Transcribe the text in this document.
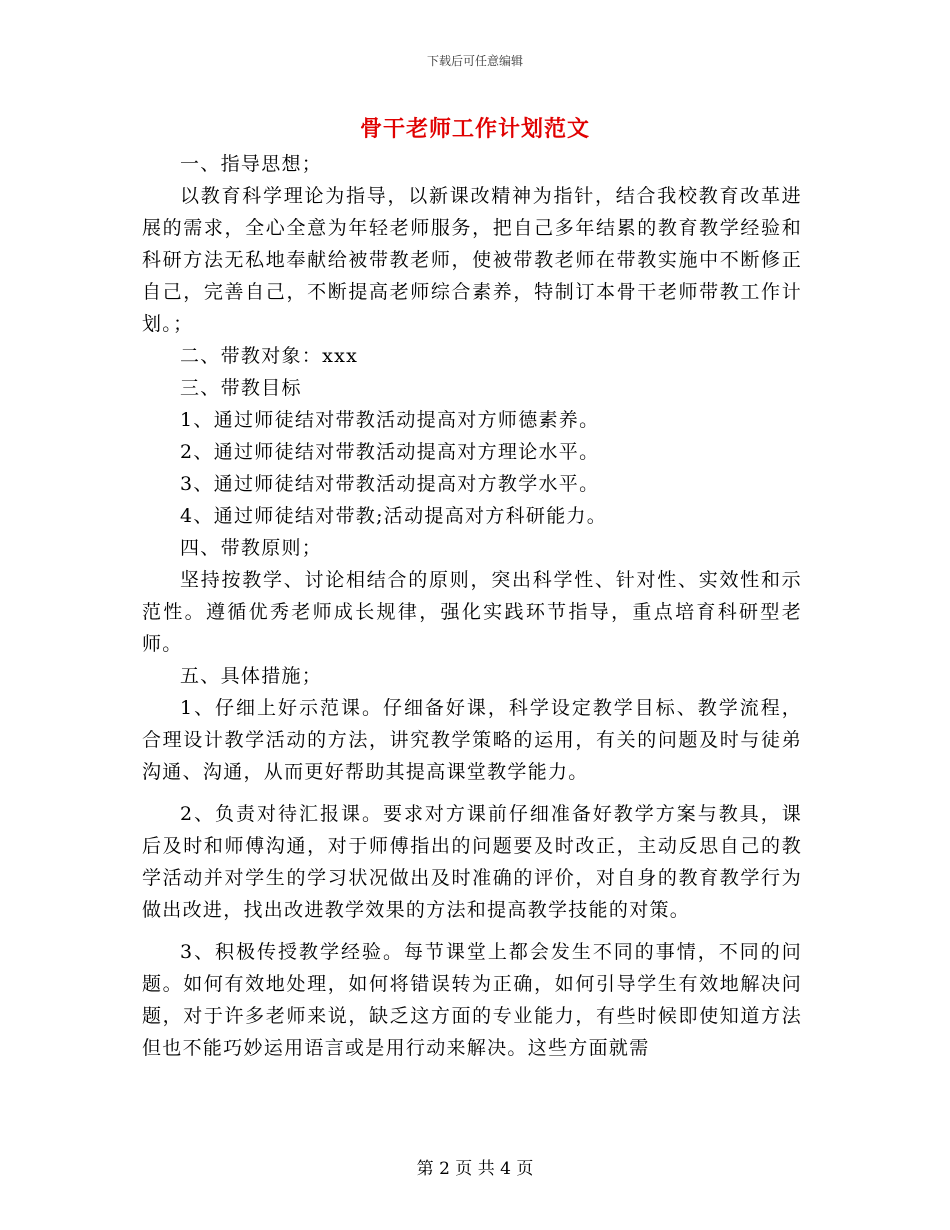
下载后可任意编辑
骨干老师工作计划范文

一、指导思想；

以教育科学理论为指导，以新课改精神为指针，结合我校教育改革进展的需求，全心全意为年轻老师服务，把自己多年结累的教育教学经验和科研方法无私地奉献给被带教老师，使被带教老师在带教实施中不断修正自己，完善自己，不断提高老师综合素养，特制订本骨干老师带教工作计划。；

二、带教对象：xxx

三、带教目标

1、通过师徒结对带教活动提高对方师德素养。

2、通过师徒结对带教活动提高对方理论水平。

3、通过师徒结对带教活动提高对方教学水平。

4、通过师徒结对带教;活动提高对方科研能力。

四、带教原则；

坚持按教学、讨论相结合的原则，突出科学性、针对性、实效性和示范性。遵循优秀老师成长规律，强化实践环节指导，重点培育科研型老师。

五、具体措施；

1、仔细上好示范课。仔细备好课，科学设定教学目标、教学流程，合理设计教学活动的方法，讲究教学策略的运用，有关的问题及时与徒弟沟通、沟通，从而更好帮助其提高课堂教学能力。

2、负责对待汇报课。要求对方课前仔细准备好教学方案与教具，课后及时和师傅沟通，对于师傅指出的问题要及时改正，主动反思自己的教学活动并对学生的学习状况做出及时准确的评价，对自身的教育教学行为做出改进，找出改进教学效果的方法和提高教学技能的对策。

3、积极传授教学经验。每节课堂上都会发生不同的事情，不同的问题。如何有效地处理，如何将错误转为正确，如何引导学生有效地解决问题，对于许多老师来说，缺乏这方面的专业能力，有些时候即使知道方法但也不能巧妙运用语言或是用行动来解决。这些方面就需

第 2 页 共 4 页
